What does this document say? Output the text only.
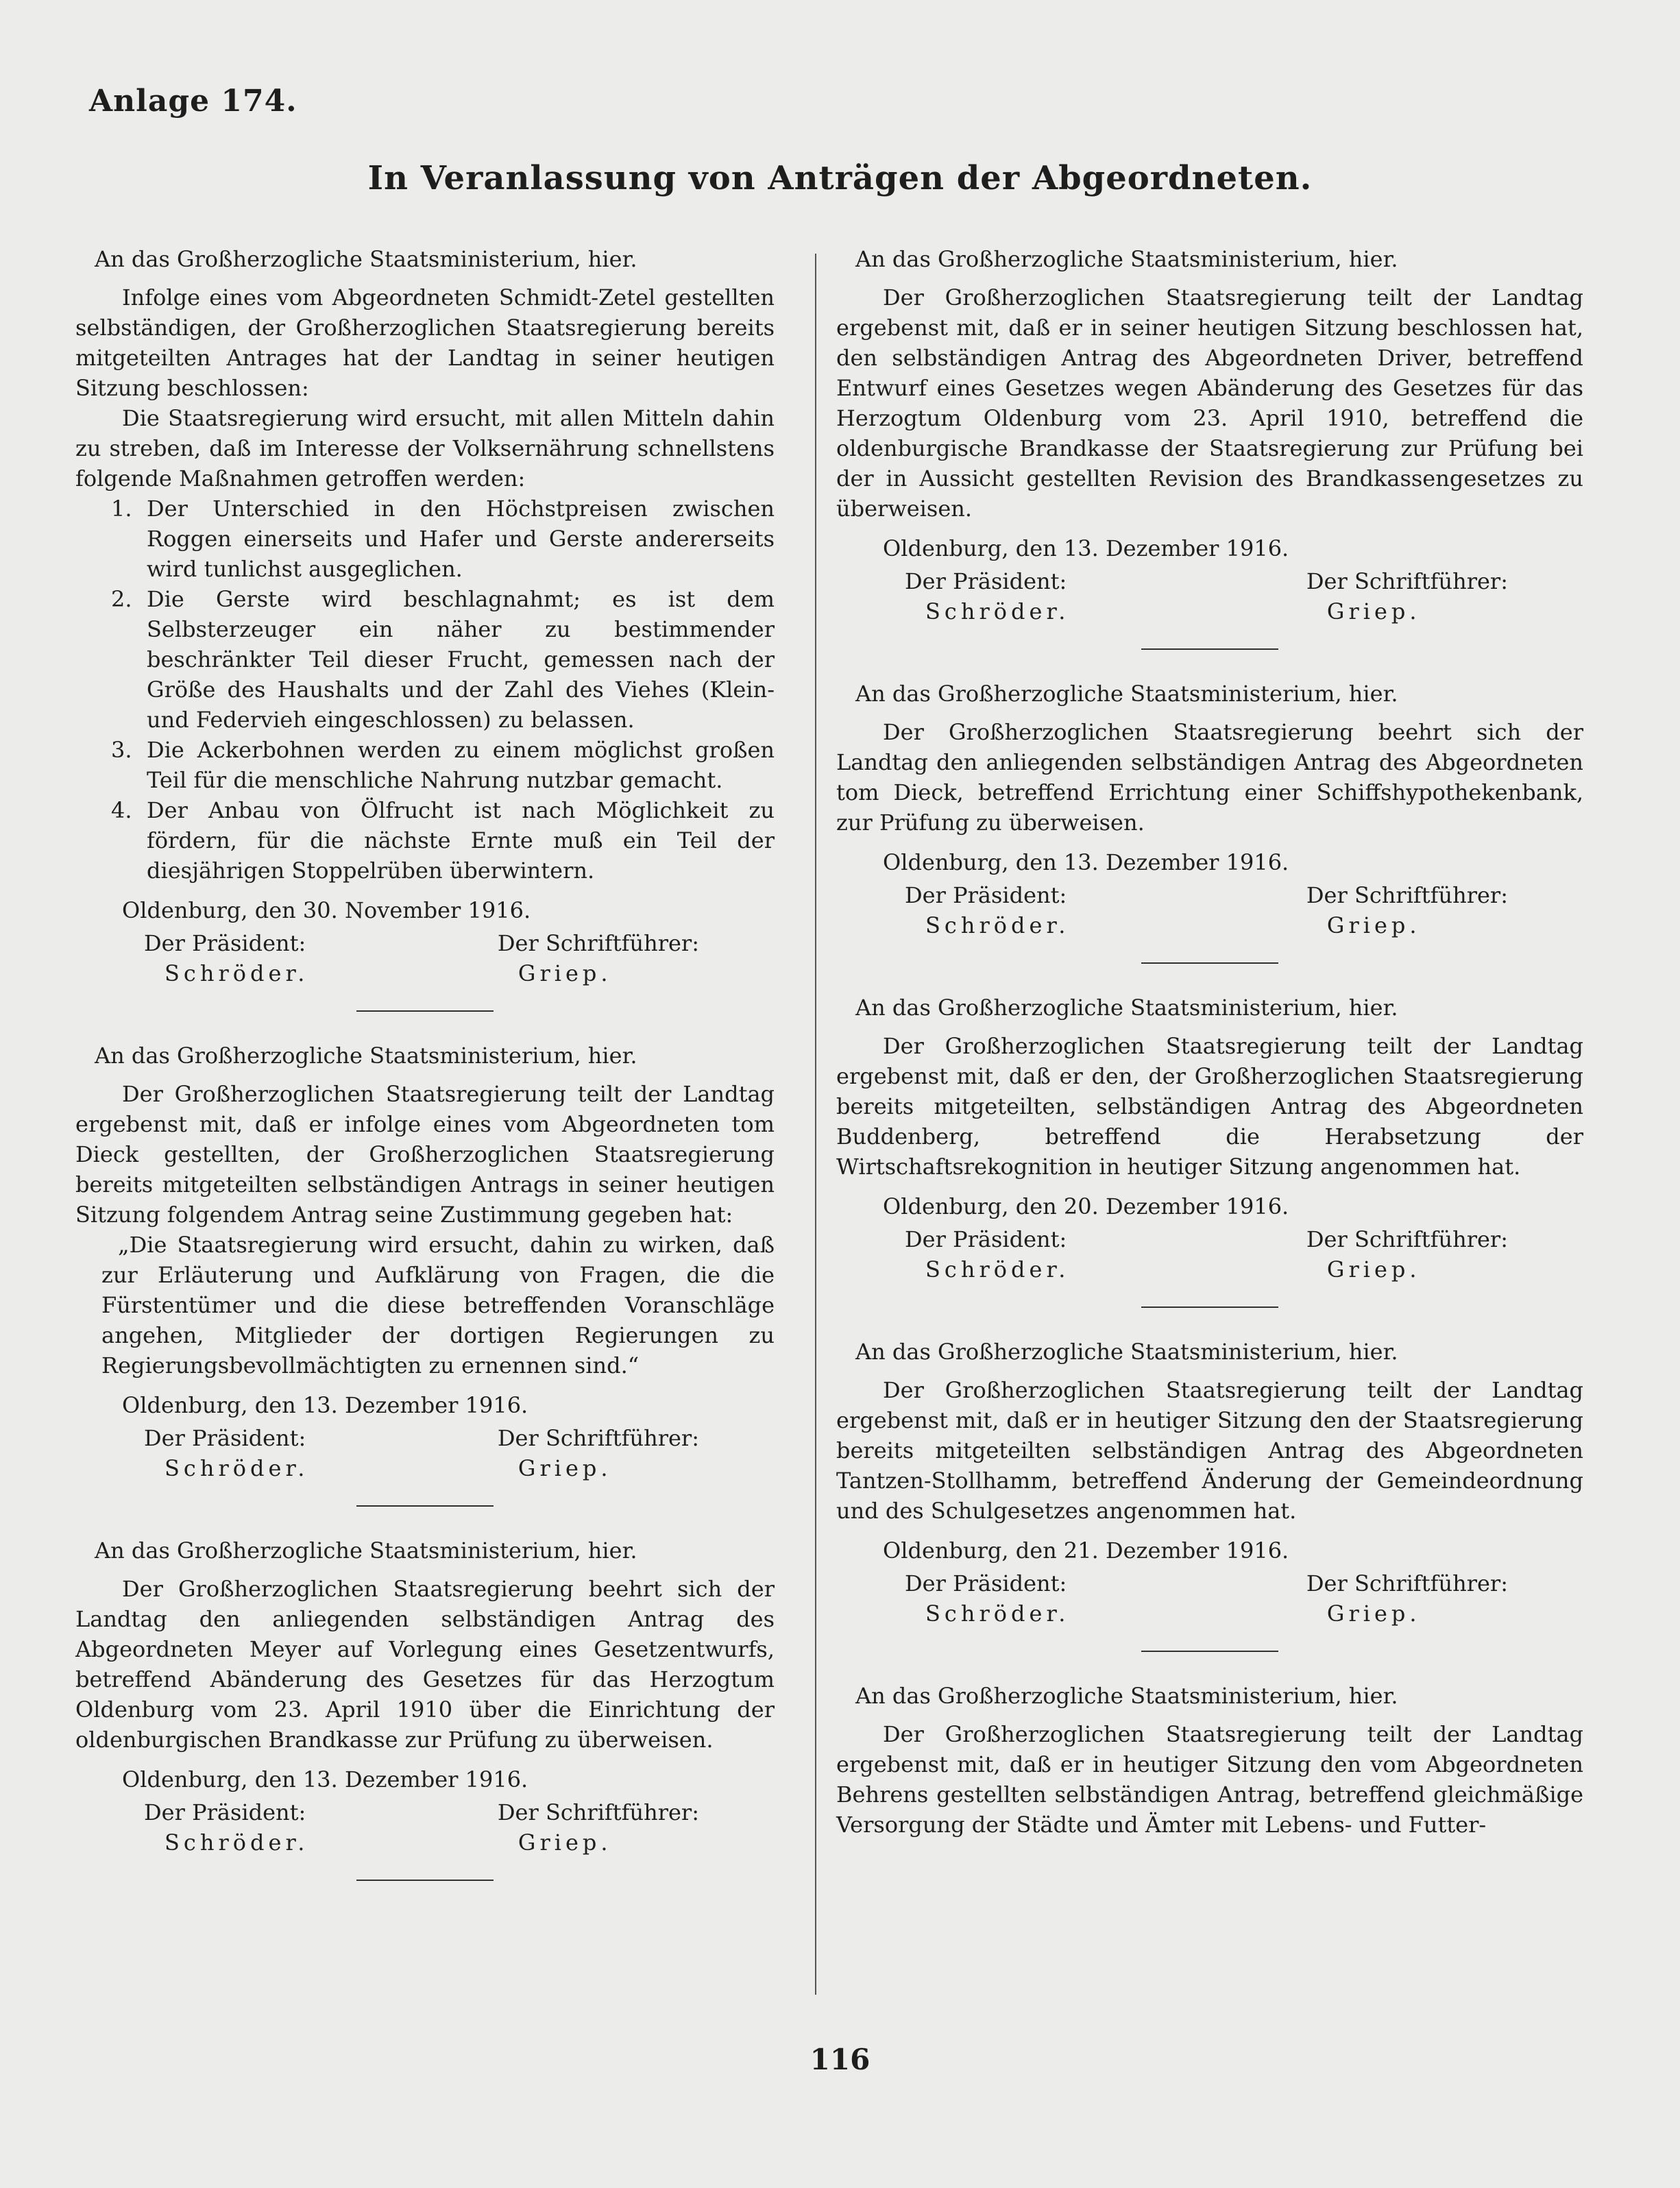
Anlage 174.
In Veranlassung von Anträgen der Abgeordneten.
An das Großherzogliche Staatsministerium, hier.

Infolge eines vom Abgeordneten Schmidt-Zetel gestellten selbständigen, der Großherzoglichen Staatsregierung bereits mitgeteilten Antrages hat der Landtag in seiner heutigen Sitzung beschlossen:

Die Staatsregierung wird ersucht, mit allen Mitteln dahin zu streben, daß im Interesse der Volksernährung schnellstens folgende Maßnahmen getroffen werden:

1. Der Unterschied in den Höchstpreisen zwischen Roggen einerseits und Hafer und Gerste andererseits wird tunlichst ausgeglichen.
2. Die Gerste wird beschlagnahmt; es ist dem Selbsterzeuger ein näher zu bestimmender beschränkter Teil dieser Frucht, gemessen nach der Größe des Haushalts und der Zahl des Viehes (Klein- und Federvieh eingeschlossen) zu belassen.
3. Die Ackerbohnen werden zu einem möglichst großen Teil für die menschliche Nahrung nutzbar gemacht.
4. Der Anbau von Ölfrucht ist nach Möglichkeit zu fördern, für die nächste Ernte muß ein Teil der diesjährigen Stoppelrüben überwintern.
Oldenburg, den 30. November 1916.
Der Präsident:
Schröder.
Der Schriftführer:
Griep.
An das Großherzogliche Staatsministerium, hier.

Der Großherzoglichen Staatsregierung teilt der Landtag ergebenst mit, daß er infolge eines vom Abgeordneten tom Dieck gestellten, der Großherzoglichen Staatsregierung bereits mitgeteilten selbständigen Antrags in seiner heutigen Sitzung folgendem Antrag seine Zustimmung gegeben hat:

„Die Staatsregierung wird ersucht, dahin zu wirken, daß zur Erläuterung und Aufklärung von Fragen, die die Fürstentümer und die diese betreffenden Voranschläge angehen, Mitglieder der dortigen Regierungen zu Regierungsbevollmächtigten zu ernennen sind.“

Oldenburg, den 13. Dezember 1916.
Der Präsident:
Schröder.
Der Schriftführer:
Griep.
An das Großherzogliche Staatsministerium, hier.

Der Großherzoglichen Staatsregierung beehrt sich der Landtag den anliegenden selbständigen Antrag des Abgeordneten Meyer auf Vorlegung eines Gesetzentwurfs, betreffend Abänderung des Gesetzes für das Herzogtum Oldenburg vom 23. April 1910 über die Einrichtung der oldenburgischen Brandkasse zur Prüfung zu überweisen.

Oldenburg, den 13. Dezember 1916.
Der Präsident:
Schröder.
Der Schriftführer:
Griep.
An das Großherzogliche Staatsministerium, hier.

Der Großherzoglichen Staatsregierung teilt der Landtag ergebenst mit, daß er in seiner heutigen Sitzung beschlossen hat, den selbständigen Antrag des Abgeordneten Driver, betreffend Entwurf eines Gesetzes wegen Abänderung des Gesetzes für das Herzogtum Oldenburg vom 23. April 1910, betreffend die oldenburgische Brandkasse der Staatsregierung zur Prüfung bei der in Aussicht gestellten Revision des Brandkassengesetzes zu überweisen.

Oldenburg, den 13. Dezember 1916.
Der Präsident:
Schröder.
Der Schriftführer:
Griep.
An das Großherzogliche Staatsministerium, hier.

Der Großherzoglichen Staatsregierung beehrt sich der Landtag den anliegenden selbständigen Antrag des Abgeordneten tom Dieck, betreffend Errichtung einer Schiffshypothekenbank, zur Prüfung zu überweisen.

Oldenburg, den 13. Dezember 1916.
Der Präsident:
Schröder.
Der Schriftführer:
Griep.
An das Großherzogliche Staatsministerium, hier.

Der Großherzoglichen Staatsregierung teilt der Landtag ergebenst mit, daß er den, der Großherzoglichen Staatsregierung bereits mitgeteilten, selbständigen Antrag des Abgeordneten Buddenberg, betreffend die Herabsetzung der Wirtschaftsrekognition in heutiger Sitzung angenommen hat.

Oldenburg, den 20. Dezember 1916.
Der Präsident:
Schröder.
Der Schriftführer:
Griep.
An das Großherzogliche Staatsministerium, hier.

Der Großherzoglichen Staatsregierung teilt der Landtag ergebenst mit, daß er in heutiger Sitzung den der Staatsregierung bereits mitgeteilten selbständigen Antrag des Abgeordneten Tantzen-Stollhamm, betreffend Änderung der Gemeindeordnung und des Schulgesetzes angenommen hat.

Oldenburg, den 21. Dezember 1916.
Der Präsident:
Schröder.
Der Schriftführer:
Griep.
An das Großherzogliche Staatsministerium, hier.

Der Großherzoglichen Staatsregierung teilt der Landtag ergebenst mit, daß er in heutiger Sitzung den vom Abgeordneten Behrens gestellten selbständigen Antrag, betreffend gleichmäßige Versorgung der Städte und Ämter mit Lebens- und Futter-

116
